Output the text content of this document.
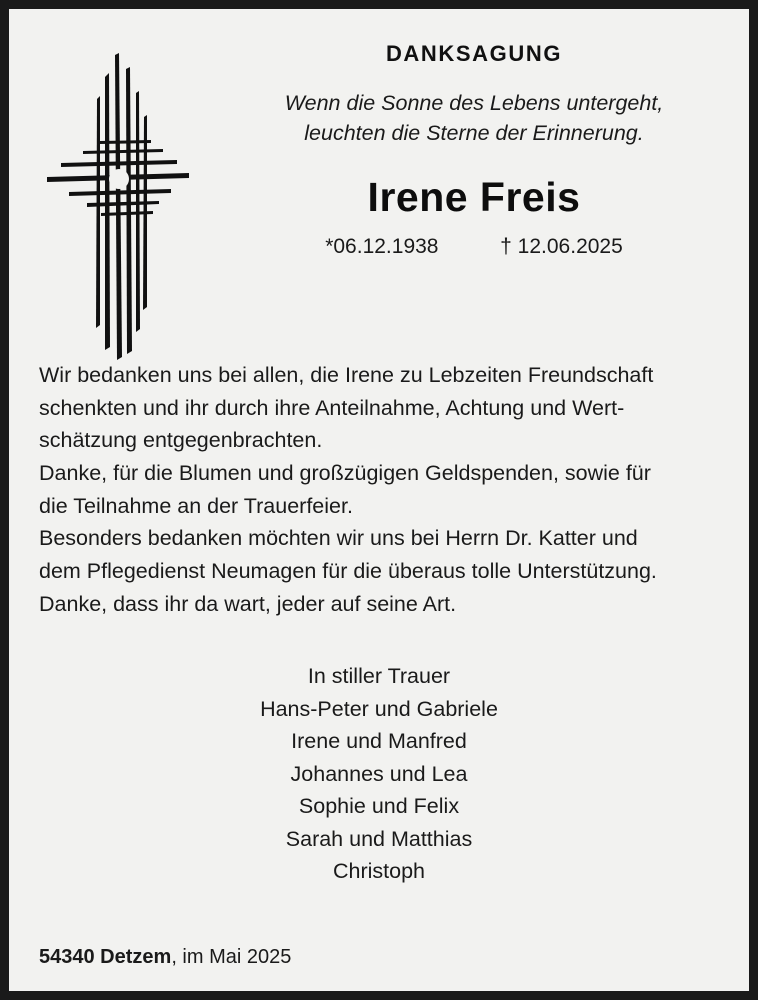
DANKSAGUNG
Wenn die Sonne des Lebens untergeht,
leuchten die Sterne der Erinnerung.
Irene Freis
*06.12.1938	† 12.06.2025

Wir bedanken uns bei allen, die Irene zu Lebzeiten Freundschaft

schenkten und ihr durch ihre Anteilnahme, Achtung und Wert-

schätzung entgegenbrachten.

Danke, für die Blumen und großzügigen Geldspenden, sowie für

die Teilnahme an der Trauerfeier.

Besonders bedanken möchten wir uns bei Herrn Dr. Katter und

dem Pflegedienst Neumagen für die überaus tolle Unterstützung.

Danke, dass ihr da wart, jeder auf seine Art.

In stiller Trauer
Hans-Peter und Gabriele
Irene und Manfred
Johannes und Lea
Sophie und Felix
Sarah und Matthias
Christoph
54340 Detzem, im Mai 2025
